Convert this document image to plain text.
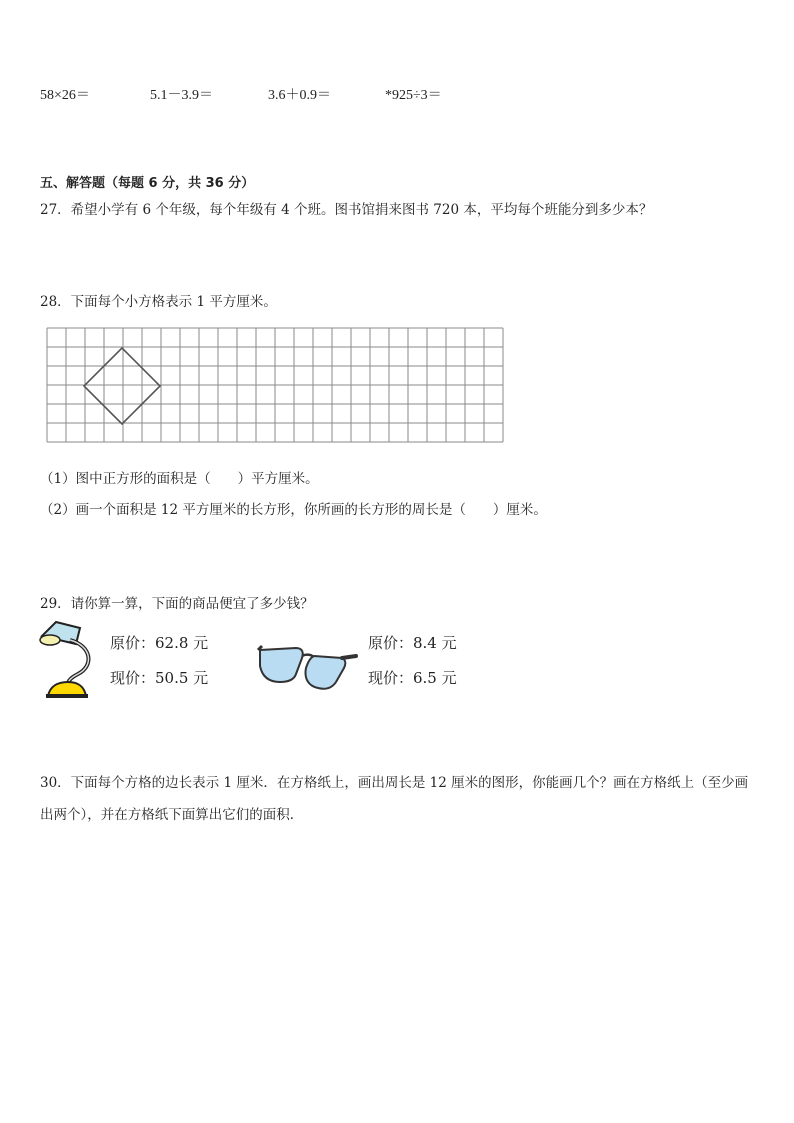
58×26＝	5.1－3.9＝	3.6＋0.9＝	*925÷3＝
五、解答题（每题 6 分，共 36 分）
27．希望小学有 6 个年级，每个年级有 4 个班。图书馆捐来图书 720 本，平均每个班能分到多少本？
28．下面每个小方格表示 1 平方厘米。
（1）图中正方形的面积是（　　）平方厘米。
（2）画一个面积是 12 平方厘米的长方形，你所画的长方形的周长是（　　）厘米。
29．请你算一算，下面的商品便宜了多少钱？
原价：62.8 元
现价：50.5 元
原价：8.4 元
现价：6.5 元
30．下面每个方格的边长表示 1 厘米．在方格纸上，画出周长是 12 厘米的图形，你能画几个？画在方格纸上（至少画
出两个），并在方格纸下面算出它们的面积．
